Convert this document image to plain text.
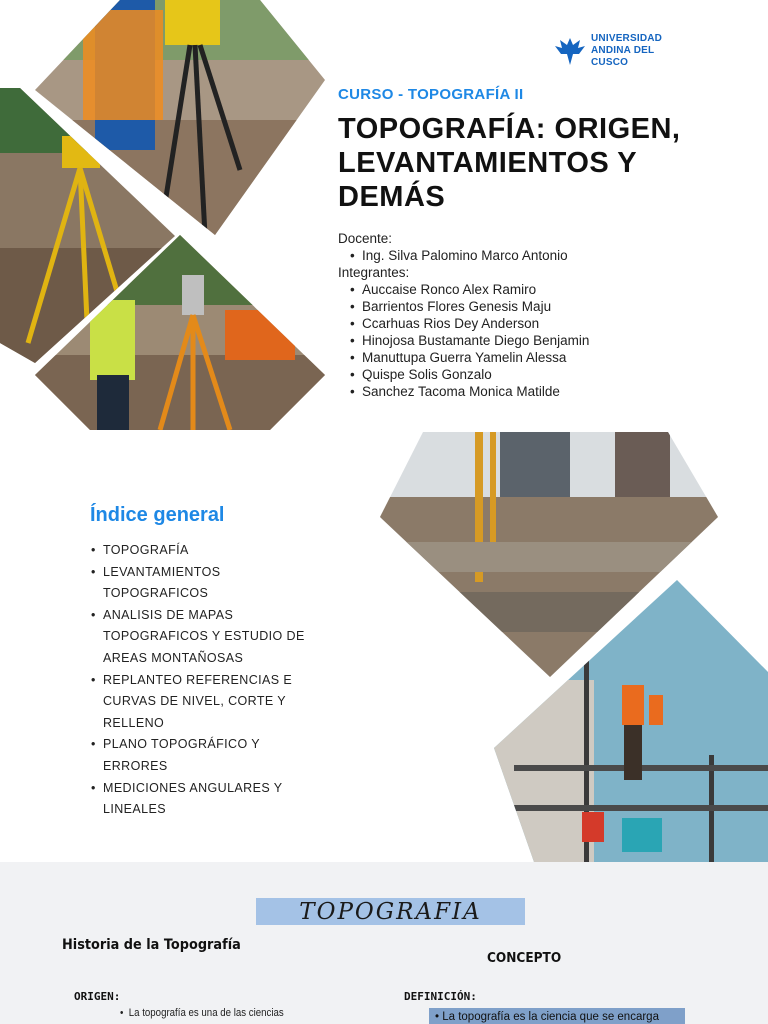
UNIVERSIDAD
ANDINA DEL
CUSCO
CURSO - TOPOGRAFÍA II
TOPOGRAFÍA: ORIGEN,
LEVANTAMIENTOS Y
DEMÁS
Docente:
• Ing. Silva Palomino Marco Antonio
Integrantes:
• Auccaise Ronco Alex Ramiro
• Barrientos Flores Genesis Maju
• Ccarhuas Rios Dey Anderson
• Hinojosa Bustamante Diego Benjamin
• Manuttupa Guerra Yamelin Alessa
• Quispe Solis Gonzalo
• Sanchez Tacoma Monica Matilde
Índice general
• TOPOGRAFÍA
• LEVANTAMIENTOS TOPOGRAFICOS
• ANALISIS DE MAPAS TOPOGRAFICOS Y ESTUDIO DE AREAS MONTAÑOSAS
• REPLANTEO REFERENCIAS E CURVAS DE NIVEL, CORTE Y RELLENO
• PLANO TOPOGRÁFICO Y ERRORES
• MEDICIONES ANGULARES Y LINEALES
TOPOGRAFIA
Historia de la Topografía
CONCEPTO
ORIGEN:	DEFINICIÓN:
•  La topografía es una de las ciencias	• La topografía es la ciencia que se encarga
